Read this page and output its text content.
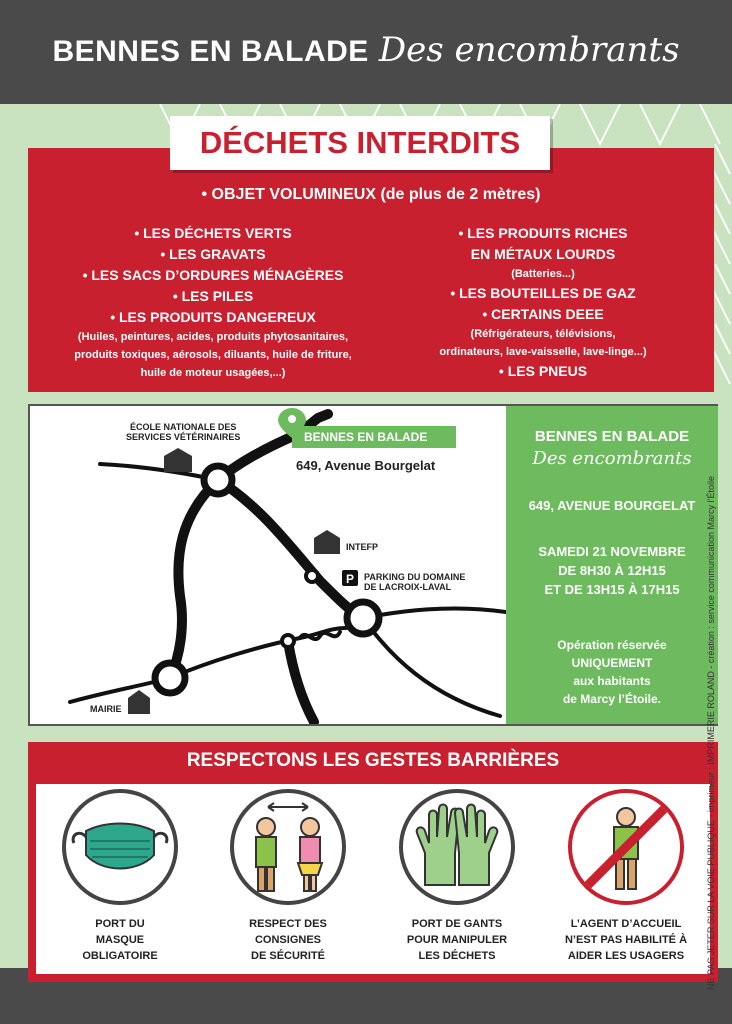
BENNES EN BALADE Des encombrants
• OBJET VOLUMINEUX (de plus de 2 mètres)
• LES DÉCHETS VERTS
• LES GRAVATS
• LES SACS D’ORDURES MÉNAGÈRES
• LES PILES
• LES PRODUITS DANGEREUX
(Huiles, peintures, acides, produits phytosanitaires,
produits toxiques, aérosols, diluants, huile de friture,
huile de moteur usagées,...)
• LES PRODUITS RICHES
EN MÉTAUX LOURDS
(Batteries...)
• LES BOUTEILLES DE GAZ
• CERTAINS DEEE
(Réfrigérateurs, télévisions,
ordinateurs, lave-vaisselle, lave-linge...)
• LES PNEUS
DÉCHETS INTERDITS
P
ÉCOLE NATIONALE DES
SERVICES VÉTÉRINAIRES	BENNES EN BALADE
649, Avenue Bourgelat
INTEFP
PARKING DU DOMAINE
DE LACROIX-LAVAL
MAIRIE
BENNES EN BALADE
Des encombrants
649, AVENUE BOURGELAT
SAMEDI 21 NOVEMBRE
DE 8H30 À 12H15
ET DE 13H15 À 17H15
Opération réservée
UNIQUEMENT
aux habitants
de Marcy l’Étoile.
RESPECTONS LES GESTES BARRIÈRES
PORT DU
MASQUE
OBLIGATOIRE
RESPECT DES
CONSIGNES
DE SÉCURITÉ
PORT DE GANTS
POUR MANIPULER
LES DÉCHETS
L’AGENT D’ACCUEIL
N’EST PAS HABILITÉ À
AIDER LES USAGERS	NE PAS JETER SUR LA VOIE PUBLIQUE - imprimeur : IMPRIMERIE ROLAND - création : service communication Marcy l’Étoile
